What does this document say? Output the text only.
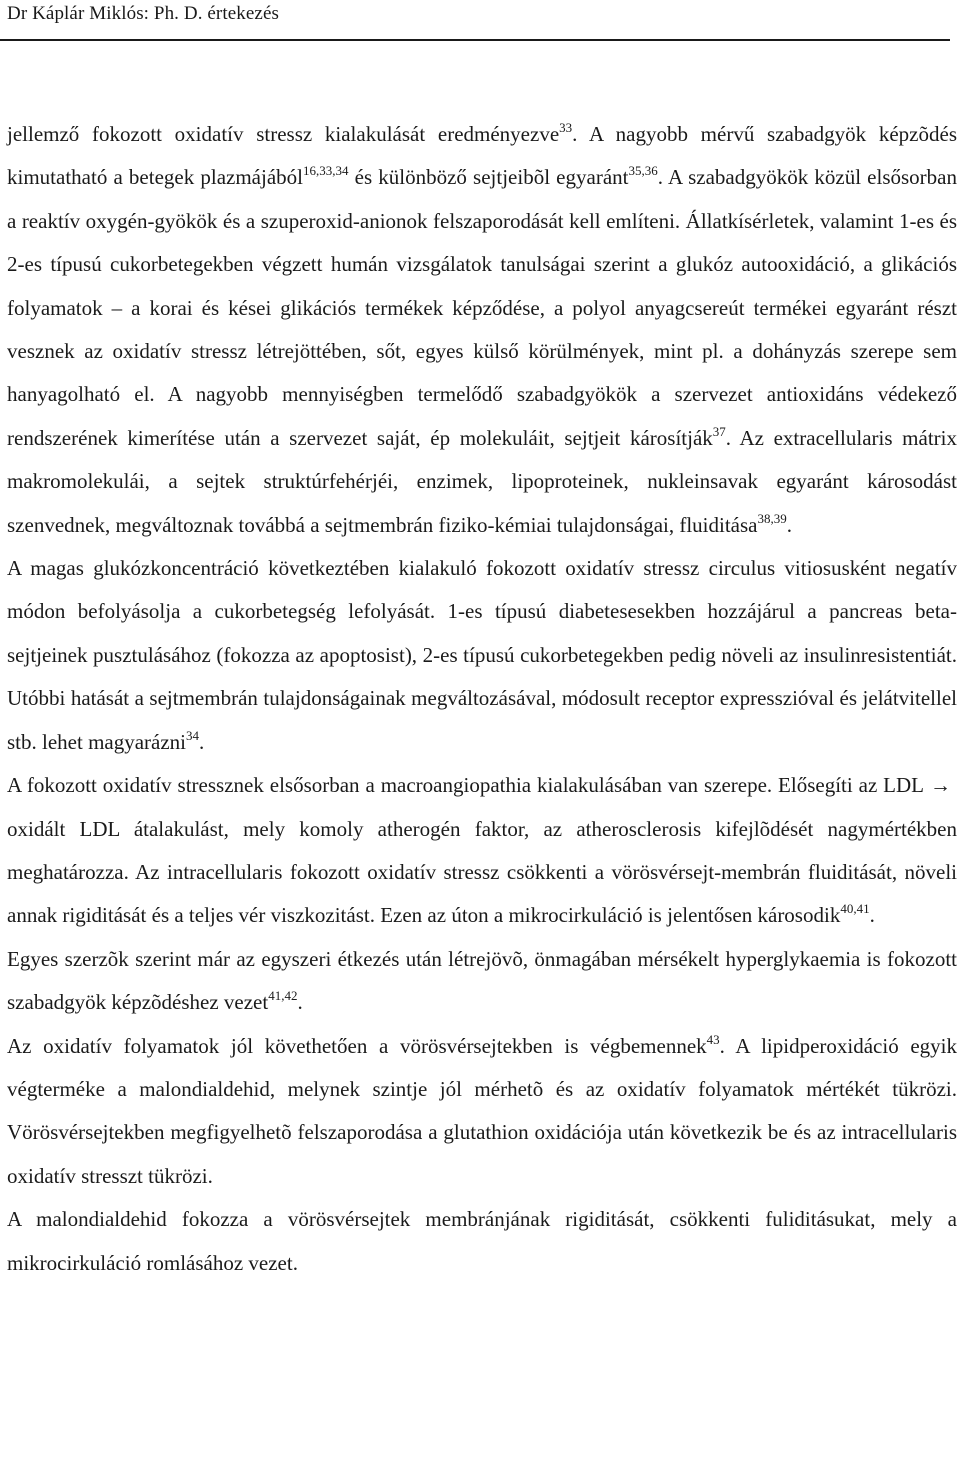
Dr Káplár Miklós: Ph. D. értekezés

jellemző fokozott oxidatív stressz kialakulását eredményezve$^{33}$. A nagyobb mérvű szabadgyök képzõdés kimutatható a betegek plazmájából$^{16,33,34}$ és különböző sejtjeibõl egyaránt$^{35,36}$. A szabadgyökök közül elsősorban a reaktív oxygén-gyökök és a szuperoxid-anionok felszaporodását kell említeni. Állatkísérletek, valamint 1-es és 2-es típusú cukorbetegekben végzett humán vizsgálatok tanulságai szerint a glukóz autooxidáció, a glikációs folyamatok – a korai és kései glikációs termékek képződése, a polyol anyagcsereút termékei egyaránt részt vesznek az oxidatív stressz létrejöttében, sőt, egyes külső körülmények, mint pl. a dohányzás szerepe sem hanyagolható el. A nagyobb mennyiségben termelődő szabadgyökök a szervezet antioxidáns védekező rendszerének kimerítése után a szervezet saját, ép molekuláit, sejtjeit károsítják$^{37}$. Az extracellularis mátrix makromolekulái, a sejtek struktúrfehérjéi, enzimek, lipoproteinek, nukleinsavak egyaránt károsodást szenvednek, megváltoznak továbbá a sejtmembrán fiziko-kémiai tulajdonságai, fluiditása$^{38,39}$.

A magas glukózkoncentráció következtében kialakuló fokozott oxidatív stressz circulus vitiosusként negatív módon befolyásolja a cukorbetegség lefolyását. 1-es típusú diabetesesekben hozzájárul a pancreas beta-sejtjeinek pusztulásához (fokozza az apoptosist), 2-es típusú cukorbetegekben pedig növeli az insulinresistentiát. Utóbbi hatását a sejtmembrán tulajdonságainak megváltozásával, módosult receptor expresszióval és jelátvitellel stb. lehet magyarázni$^{34}$.

A fokozott oxidatív stressznek elsősorban a macroangiopathia kialakulásában van szerepe. Elősegíti az LDL →oxidált LDL átalakulást, mely komoly atherogén faktor, az atherosclerosis kifejlõdését nagymértékben meghatározza. Az intracellularis fokozott oxidatív stressz csökkenti a vörösvérsejt-membrán fluiditását, növeli annak rigiditását és a teljes vér viszkozitást. Ezen az úton a mikrocirkuláció is jelentősen károsodik$^{40,41}$.

Egyes szerzõk szerint már az egyszeri étkezés után létrejövõ, önmagában mérsékelt hyperglykaemia is fokozott szabadgyök képzõdéshez vezet$^{41,42}$.

Az oxidatív folyamatok jól követhetően a vörösvérsejtekben is végbemennek$^{43}$. A lipidperoxidáció egyik végterméke a malondialdehid, melynek szintje jól mérhetõ és az oxidatív folyamatok mértékét tükrözi. Vörösvérsejtekben megfigyelhetõ felszaporodása a glutathion oxidációja után következik be és az intracellularis oxidatív stresszt tükrözi.

A malondialdehid fokozza a vörösvérsejtek membránjának rigiditását, csökkenti fuliditásukat, mely a mikrocirkuláció romlásához vezet.
